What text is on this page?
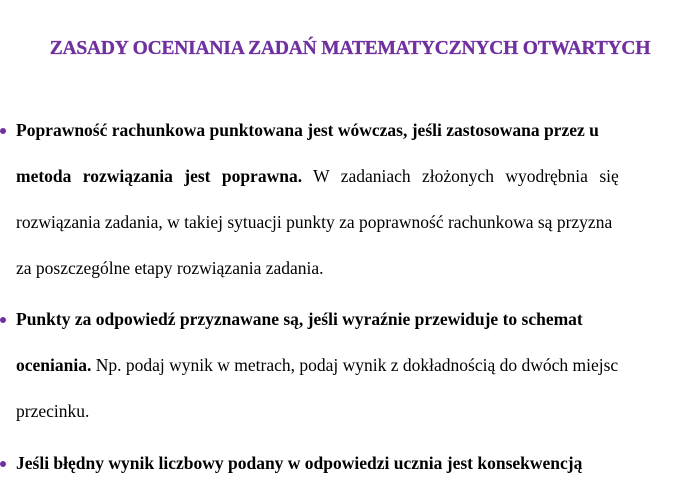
ZASADY OCENIANIA ZADAŃ MATEMATYCZNYCH OTWARTYCH
Poprawność rachunkowa punktowana jest wówczas, jeśli zastosowana przez u
metoda rozwiązania jest poprawna. W zadaniach złożonych wyodrębnia się
rozwiązania zadania, w takiej sytuacji punkty za poprawność rachunkowa są przyzna
za poszczególne etapy rozwiązania zadania.
Punkty za odpowiedź przyznawane są, jeśli wyraźnie przewiduje to schemat
oceniania. Np. podaj wynik w metrach, podaj wynik z dokładnością do dwóch miejsc
przecinku.
Jeśli błędny wynik liczbowy podany w odpowiedzi ucznia jest konsekwencją
